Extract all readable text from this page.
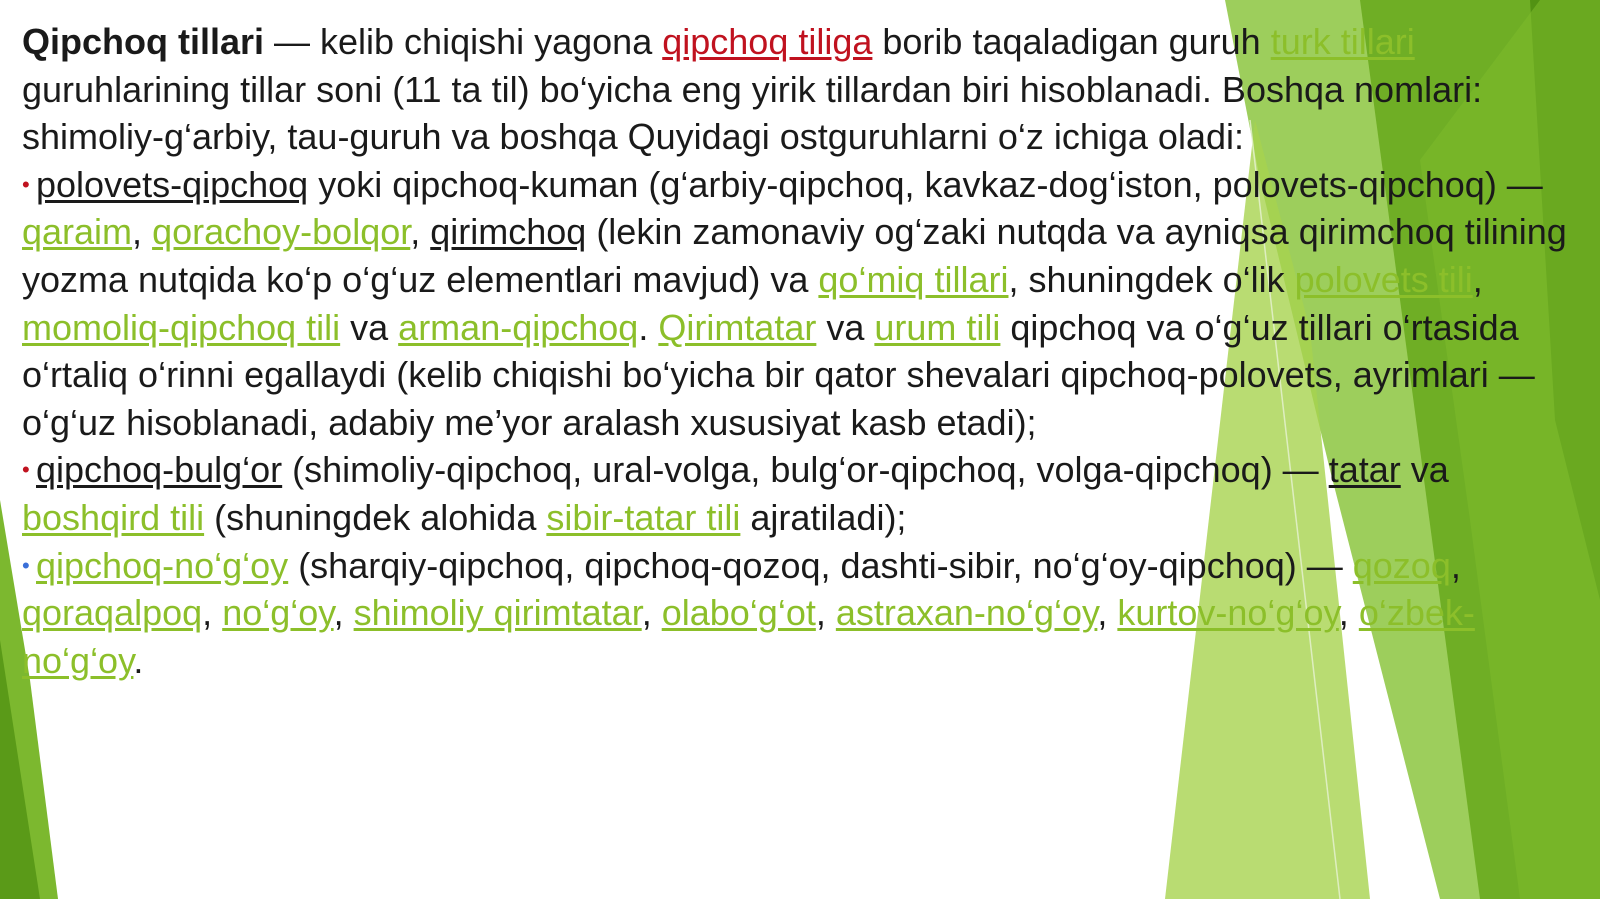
Qipchoq tillari — kelib chiqishi yagona qipchoq tiliga borib taqaladigan guruh turk tillari guruhlarining tillar soni (11 ta til) bo‘yicha eng yirik tillardan biri hisoblanadi. Boshqa nomlari: shimoliy-g‘arbiy, tau-guruh va boshqa Quyidagi ostguruhlarni o‘z ichiga oladi:

• polovets-qipchoq yoki qipchoq-kuman (g‘arbiy-qipchoq, kavkaz-dog‘iston, polovets-qipchoq) — qaraim, qorachoy-bolqor, qirimchoq (lekin zamonaviy og‘zaki nutqda va ayniqsa qirimchoq tilining yozma nutqida ko‘p o‘g‘uz elementlari mavjud) va qo‘miq tillari, shuningdek o‘lik polovets tili, momoliq-qipchoq tili va arman-qipchoq. Qirimtatar va urum tili qipchoq va o‘g‘uz tillari o‘rtasida o‘rtaliq o‘rinni egallaydi (kelib chiqishi bo‘yicha bir qator shevalari qipchoq-polovets, ayrimlari — o‘g‘uz hisoblanadi, adabiy me’yor aralash xususiyat kasb etadi);

• qipchoq-bulg‘or (shimoliy-qipchoq, ural-volga, bulg‘or-qipchoq, volga-qipchoq) — tatar va boshqird tili (shuningdek alohida sibir-tatar tili ajratiladi);

• qipchoq-no‘g‘oy (sharqiy-qipchoq, qipchoq-qozoq, dashti-sibir, no‘g‘oy-qipchoq) — qozoq, qoraqalpoq, no‘g‘oy, shimoliy qirimtatar, olabo‘g‘ot, astraxan-no‘g‘oy, kurtov-no‘g‘oy, o‘zbek-no‘g‘oy.
